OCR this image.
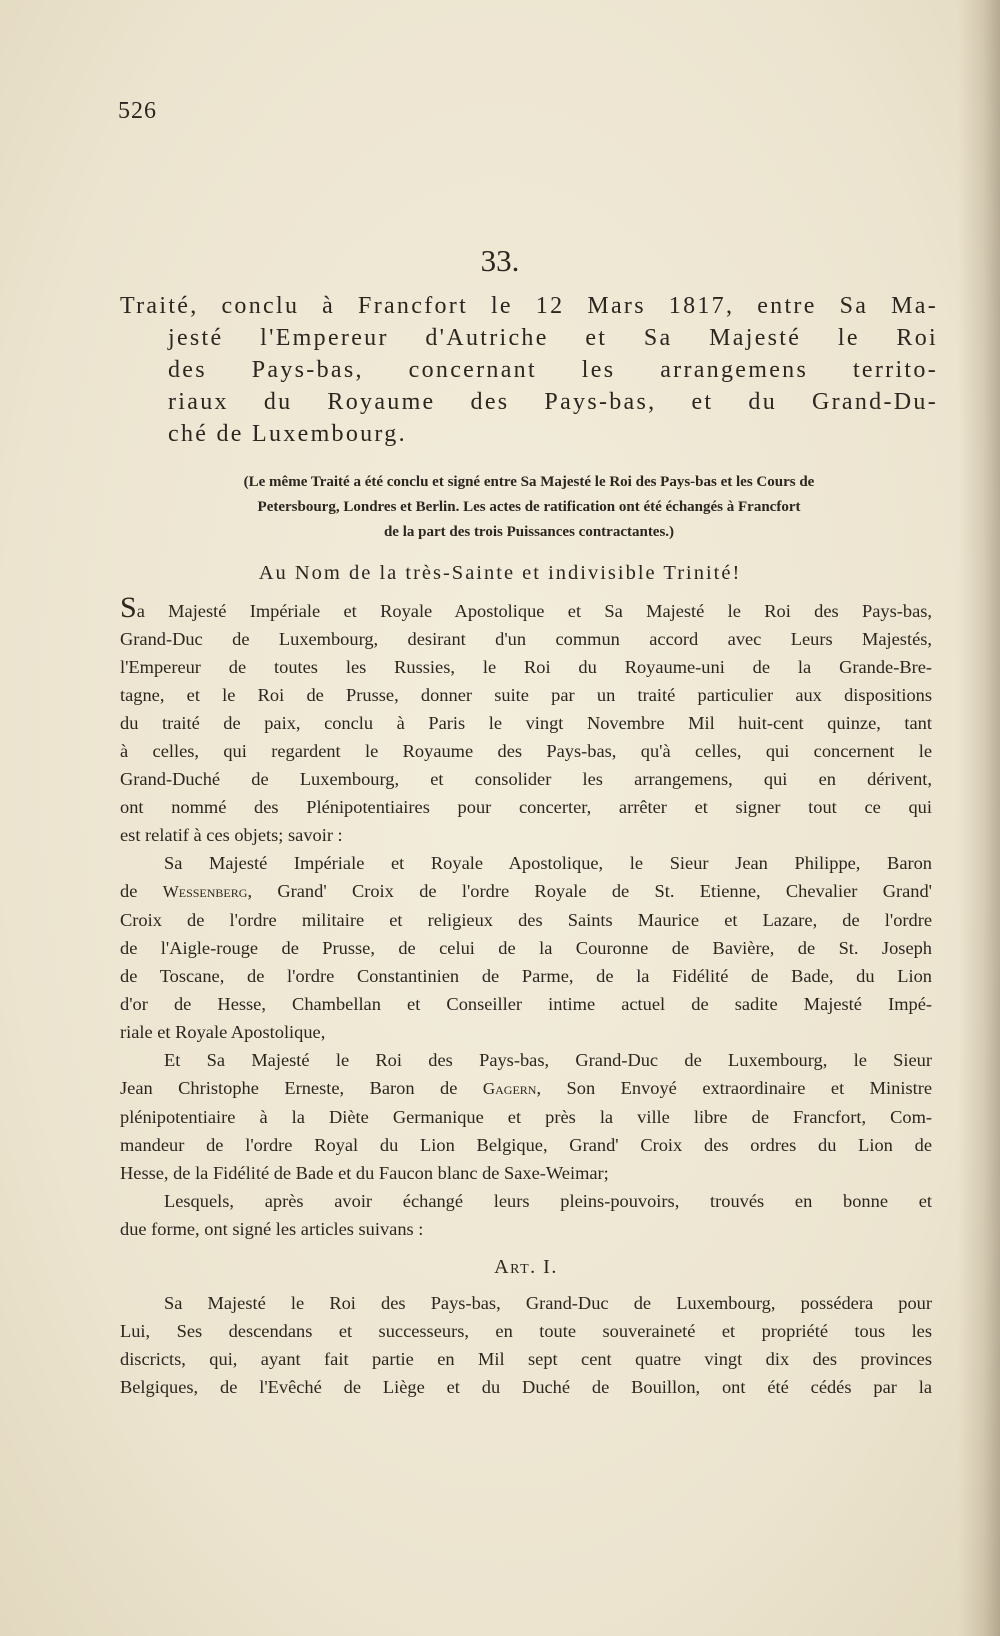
526
33.
Traité, conclu à Francfort le 12 Mars 1817, entre Sa Ma-
jesté l'Empereur d'Autriche et Sa Majesté le Roi
des Pays-bas, concernant les arrangemens territo-
riaux du Royaume des Pays-bas, et du Grand-Du-
ché de Luxembourg.
(Le même Traité a été conclu et signé entre Sa Majesté le Roi des Pays-bas et les Cours de
Petersbourg, Londres et Berlin. Les actes de ratification ont été échangés à Francfort
de la part des trois Puissances contractantes.)
Au Nom de la très-Sainte et indivisible Trinité!
Sa Majesté Impériale et Royale Apostolique et Sa Majesté le Roi des Pays-bas,
Grand-Duc de Luxembourg, desirant d'un commun accord avec Leurs Majestés,
l'Empereur de toutes les Russies, le Roi du Royaume-uni de la Grande-Bre-
tagne, et le Roi de Prusse, donner suite par un traité particulier aux dispositions
du traité de paix, conclu à Paris le vingt Novembre Mil huit-cent quinze, tant
à celles, qui regardent le Royaume des Pays-bas, qu'à celles, qui concernent le
Grand-Duché de Luxembourg, et consolider les arrangemens, qui en dérivent,
ont nommé des Plénipotentiaires pour concerter, arrêter et signer tout ce qui
est relatif à ces objets; savoir :
Sa Majesté Impériale et Royale Apostolique, le Sieur Jean Philippe, Baron
de Wessenberg, Grand' Croix de l'ordre Royale de St. Etienne, Chevalier Grand'
Croix de l'ordre militaire et religieux des Saints Maurice et Lazare, de l'ordre
de l'Aigle-rouge de Prusse, de celui de la Couronne de Bavière, de St. Joseph
de Toscane, de l'ordre Constantinien de Parme, de la Fidélité de Bade, du Lion
d'or de Hesse, Chambellan et Conseiller intime actuel de sadite Majesté Impé-
riale et Royale Apostolique,
Et Sa Majesté le Roi des Pays-bas, Grand-Duc de Luxembourg, le Sieur
Jean Christophe Erneste, Baron de Gagern, Son Envoyé extraordinaire et Ministre
plénipotentiaire à la Diète Germanique et près la ville libre de Francfort, Com-
mandeur de l'ordre Royal du Lion Belgique, Grand' Croix des ordres du Lion de
Hesse, de la Fidélité de Bade et du Faucon blanc de Saxe-Weimar;
Lesquels, après avoir échangé leurs pleins-pouvoirs, trouvés en bonne et
due forme, ont signé les articles suivans :
Art. I.
Sa Majesté le Roi des Pays-bas, Grand-Duc de Luxembourg, possédera pour
Lui, Ses descendans et successeurs, en toute souveraineté et propriété tous les
discricts, qui, ayant fait partie en Mil sept cent quatre vingt dix des provinces
Belgiques, de l'Evêché de Liège et du Duché de Bouillon, ont été cédés par la
